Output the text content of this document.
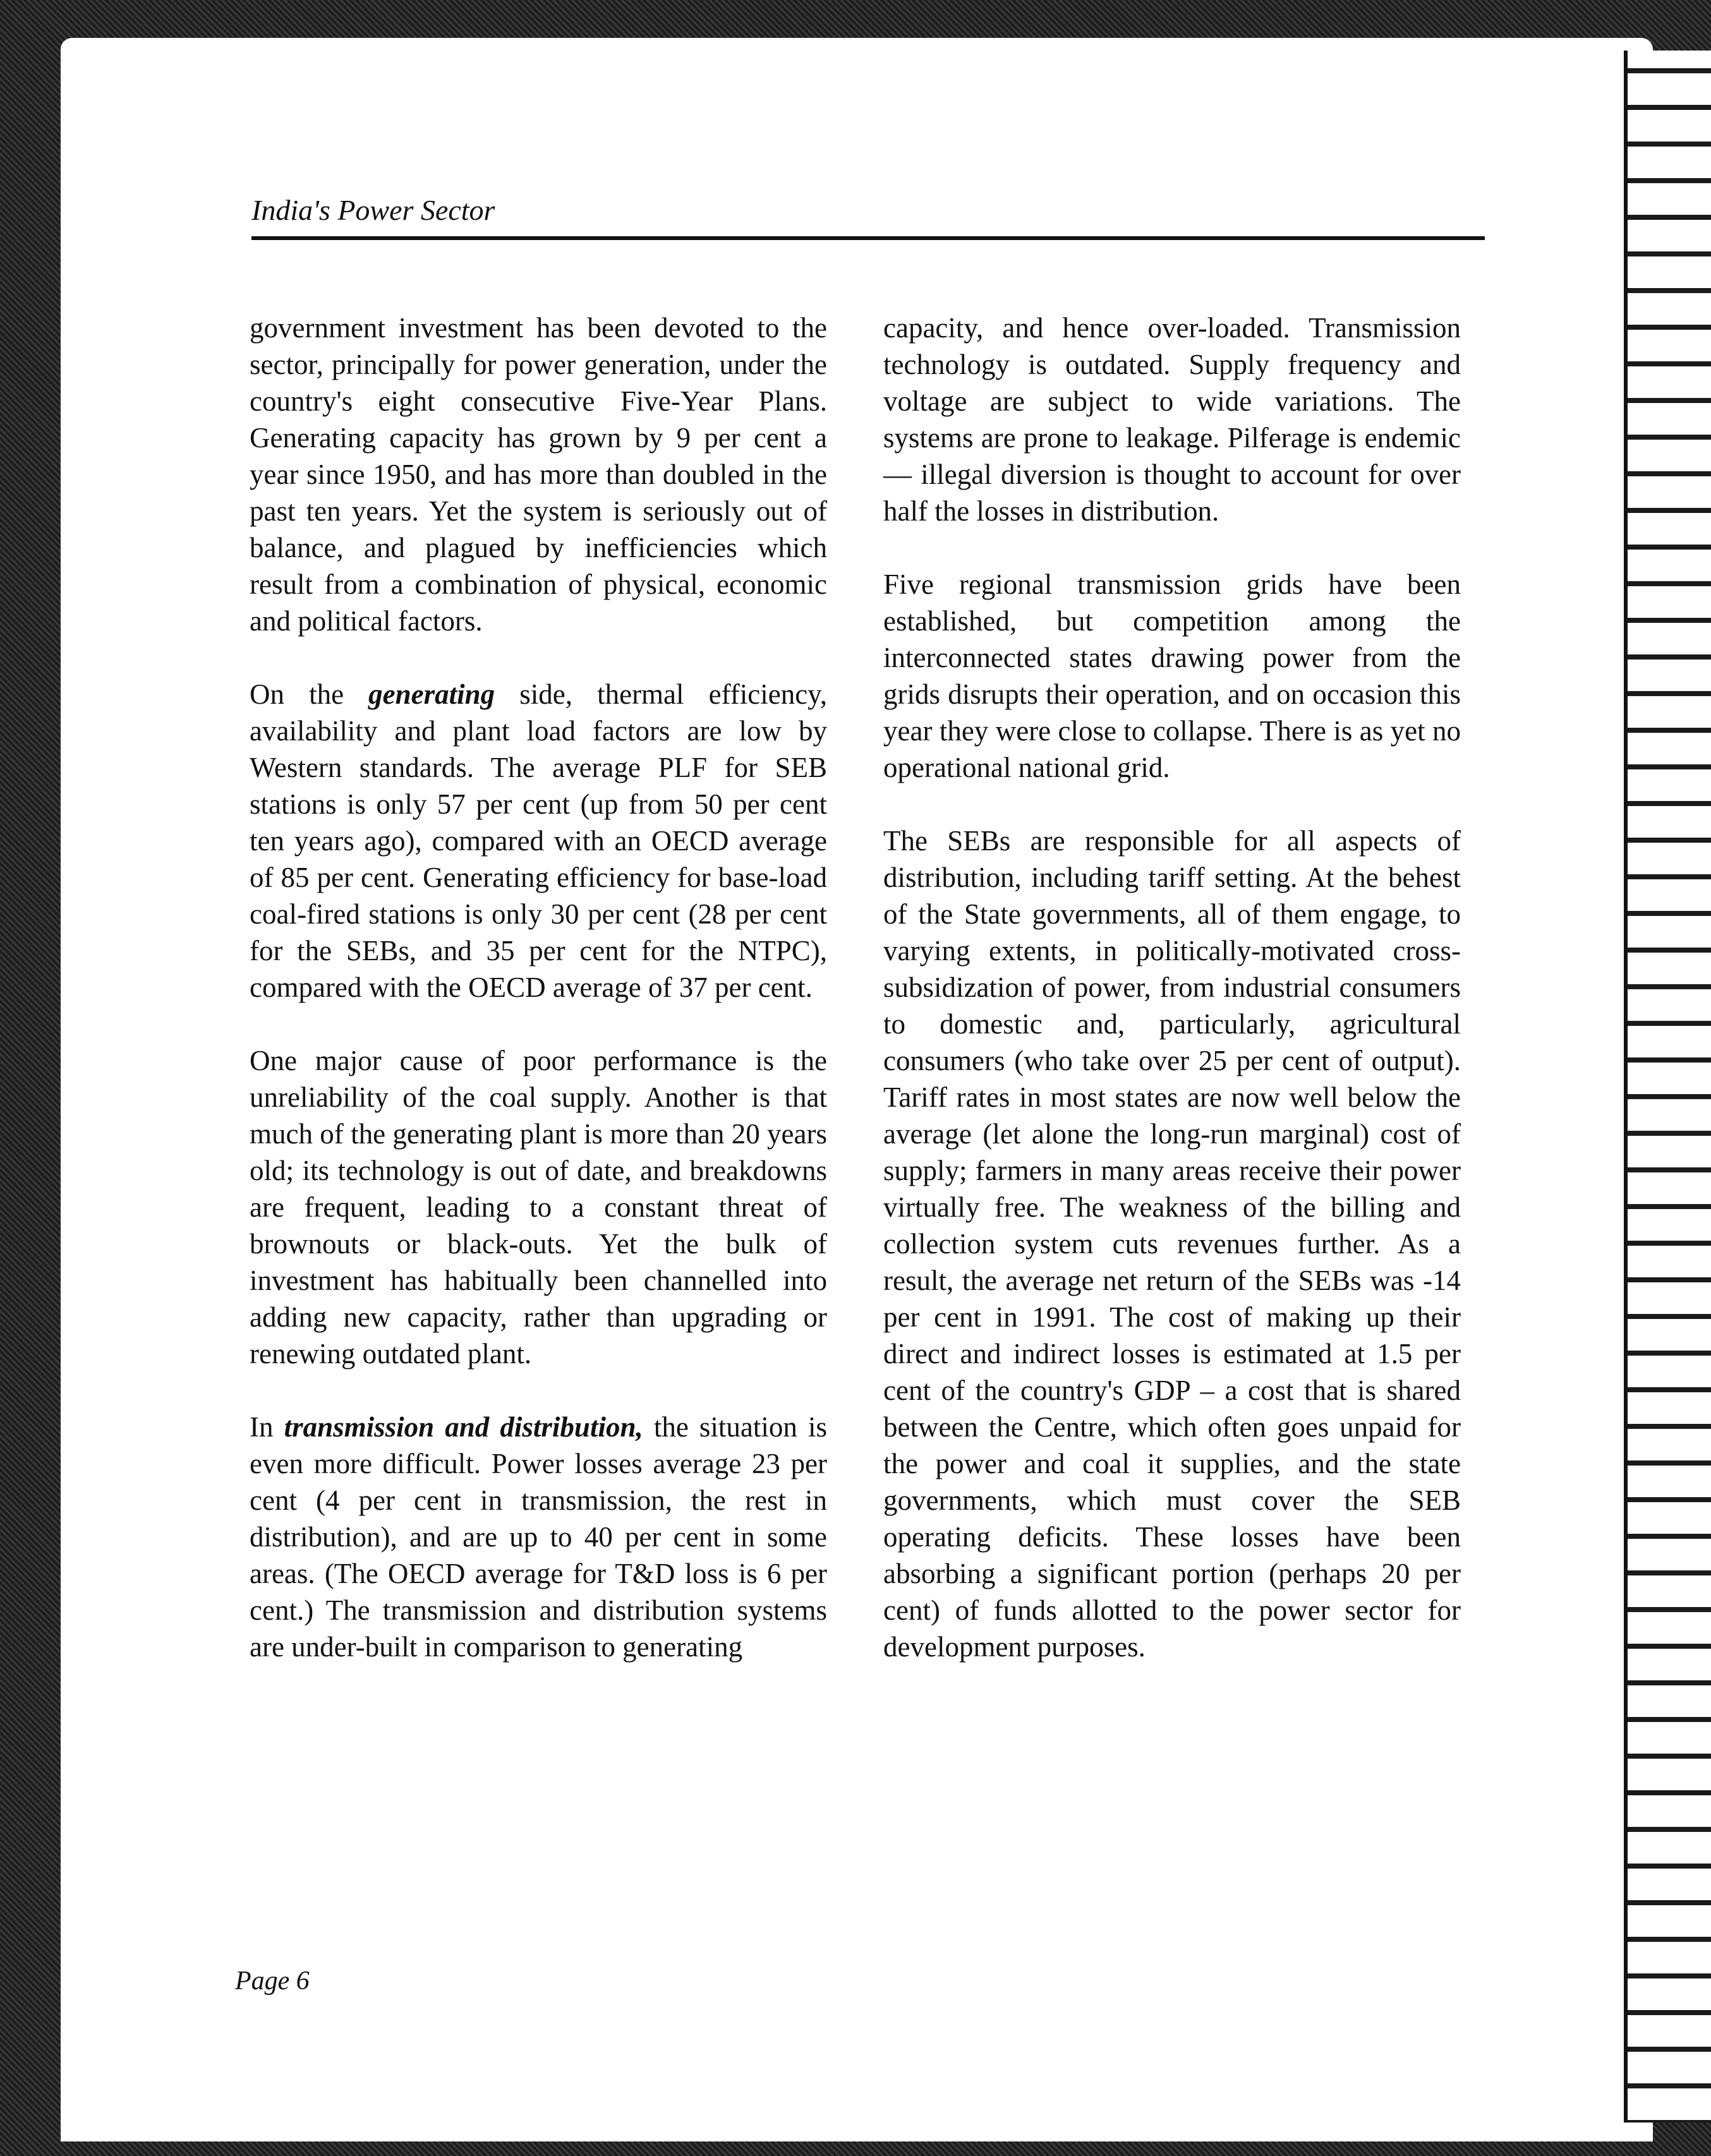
India's Power Sector

government investment has been devoted to the sector, principally for power generation, under the country's eight consecutive Five-Year Plans. Generating capacity has grown by 9 per cent a year since 1950, and has more than doubled in the past ten years. Yet the system is seriously out of balance, and plagued by inefficiencies which result from a combination of physical, economic and political factors.

On the generating side, thermal efficiency, availability and plant load factors are low by Western standards. The average PLF for SEB stations is only 57 per cent (up from 50 per cent ten years ago), compared with an OECD average of 85 per cent. Generating efficiency for base-load coal-fired stations is only 30 per cent (28 per cent for the SEBs, and 35 per cent for the NTPC), compared with the OECD average of 37 per cent.

One major cause of poor performance is the unreliability of the coal supply. Another is that much of the generating plant is more than 20 years old; its technology is out of date, and breakdowns are frequent, leading to a constant threat of brownouts or black-outs. Yet the bulk of investment has habitually been channelled into adding new capacity, rather than upgrading or renewing outdated plant.

In transmission and distribution, the situation is even more difficult. Power losses average 23 per cent (4 per cent in transmission, the rest in distribution), and are up to 40 per cent in some areas. (The OECD average for T&D loss is 6 per cent.) The transmission and distribution systems are under-built in comparison to generating

capacity, and hence over-loaded. Transmission technology is outdated. Supply frequency and voltage are subject to wide variations. The systems are prone to leakage. Pilferage is endemic — illegal diversion is thought to account for over half the losses in distribution.

Five regional transmission grids have been established, but competition among the interconnected states drawing power from the grids disrupts their operation, and on occasion this year they were close to collapse. There is as yet no operational national grid.

The SEBs are responsible for all aspects of distribution, including tariff setting. At the behest of the State governments, all of them engage, to varying extents, in politically-motivated cross-subsidization of power, from industrial consumers to domestic and, particularly, agricultural consumers (who take over 25 per cent of output). Tariff rates in most states are now well below the average (let alone the long-run marginal) cost of supply; farmers in many areas receive their power virtually free. The weakness of the billing and collection system cuts revenues further. As a result, the average net return of the SEBs was -14 per cent in 1991. The cost of making up their direct and indirect losses is estimated at 1.5 per cent of the country's GDP – a cost that is shared between the Centre, which often goes unpaid for the power and coal it supplies, and the state governments, which must cover the SEB operating deficits. These losses have been absorbing a significant portion (perhaps 20 per cent) of funds allotted to the power sector for development purposes.

Page 6
